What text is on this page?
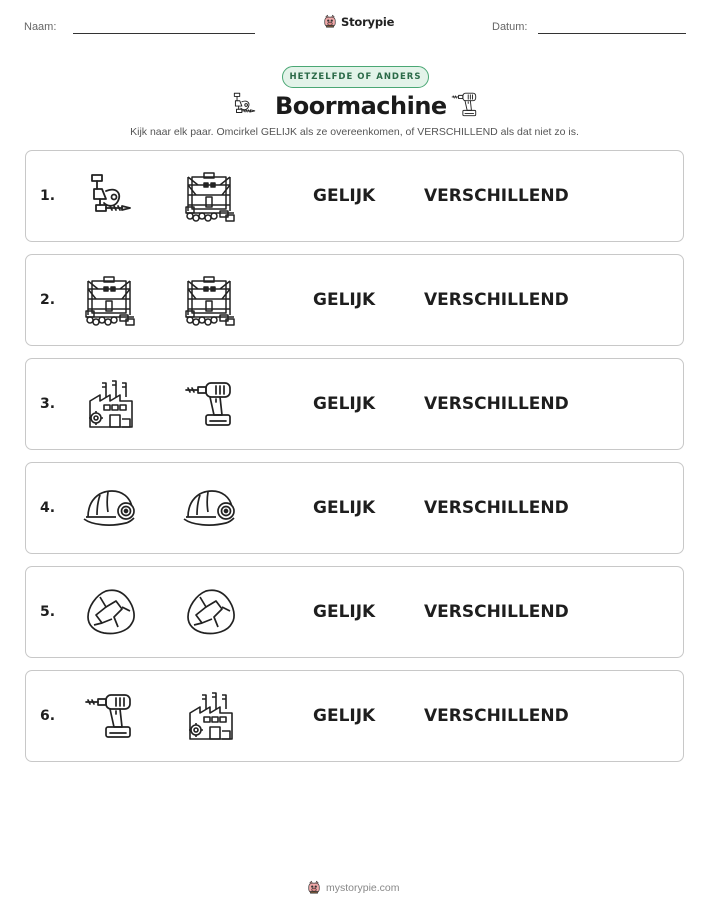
Naam:	Storypie	Datum:
HETZELFDE OF ANDERS
Boormachine
Kijk naar elk paar. Omcirkel GELIJK als ze overeenkomen, of VERSCHILLEND als dat niet zo is.
1.	GELIJK	VERSCHILLEND
2.	GELIJK	VERSCHILLEND
3.	GELIJK	VERSCHILLEND
4.	GELIJK	VERSCHILLEND
5.	GELIJK	VERSCHILLEND
6.	GELIJK	VERSCHILLEND
mystorypie.com
